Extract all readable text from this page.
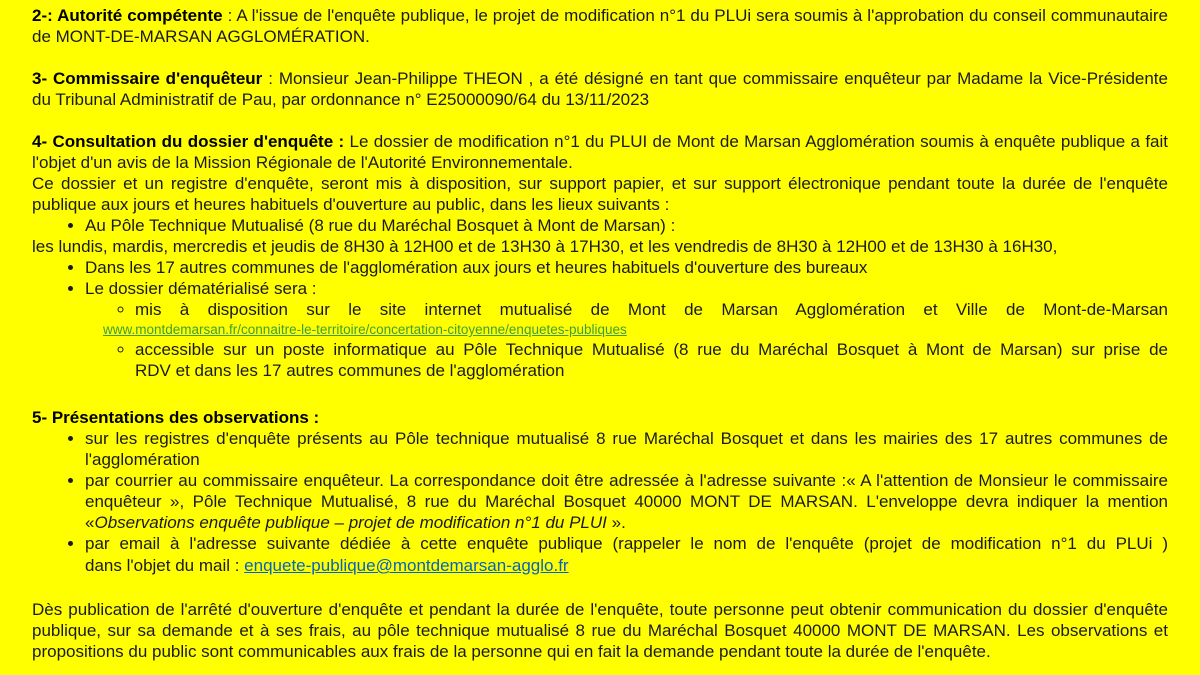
2-: Autorité compétente : A l'issue de l'enquête publique, le projet de modification n°1 du PLUi sera soumis à l'approbation du conseil communautaire de MONT-DE-MARSAN AGGLOMÉRATION.

3- Commissaire d'enquêteur : Monsieur Jean-Philippe THEON , a été désigné en tant que commissaire enquêteur par Madame la Vice-Présidente du Tribunal Administratif de Pau, par ordonnance n° E25000090/64 du 13/11/2023

4- Consultation du dossier d'enquête : Le dossier de modification n°1 du PLUI de Mont de Marsan Agglomération soumis à enquête publique a fait l'objet d'un avis de la Mission Régionale de l'Autorité Environnementale.

Ce dossier et un registre d'enquête, seront mis à disposition, sur support papier, et sur support électronique pendant toute la durée de l'enquête publique aux jours et heures habituels d'ouverture au public, dans les lieux suivants :

• Au Pôle Technique Mutualisé (8 rue du Maréchal Bosquet à Mont de Marsan) :

les lundis, mardis, mercredis et jeudis de 8H30 à 12H00 et de 13H30 à 17H30, et les vendredis de 8H30 à 12H00 et de 13H30 à 16H30,

• Dans les 17 autres communes de l'agglomération aux jours et heures habituels d'ouverture des bureaux
• Le dossier dématérialisé sera :
◦ mis à disposition sur le site internet mutualisé de Mont de Marsan Agglomération et Ville de Mont-de-Marsan
www.montdemarsan.fr/connaitre-le-territoire/concertation-citoyenne/enquetes-publiques
◦ accessible sur un poste informatique au Pôle Technique Mutualisé (8 rue du Maréchal Bosquet à Mont de Marsan) sur prise de
RDV et dans les 17 autres communes de l'agglomération

5- Présentations des observations :

• sur les registres d'enquête présents au Pôle technique mutualisé 8 rue Maréchal Bosquet et dans les mairies des 17 autres communes de l'agglomération
• par courrier au commissaire enquêteur. La correspondance doit être adressée à l'adresse suivante :« A l'attention de Monsieur le commissaire enquêteur », Pôle Technique Mutualisé, 8 rue du Maréchal Bosquet 40000 MONT DE MARSAN. L'enveloppe devra indiquer la mention «Observations enquête publique – projet de modification n°1 du PLUI ».
• par email à l'adresse suivante dédiée à cette enquête publique (rappeler le nom de l'enquête (projet de modification n°1 du PLUi )
dans l'objet du mail : enquete-publique@montdemarsan-agglo.fr

Dès publication de l'arrêté d'ouverture d'enquête et pendant la durée de l'enquête, toute personne peut obtenir communication du dossier d'enquête publique, sur sa demande et à ses frais, au pôle technique mutualisé 8 rue du Maréchal Bosquet 40000 MONT DE MARSAN. Les observations et propositions du public sont communicables aux frais de la personne qui en fait la demande pendant toute la durée de l'enquête.
